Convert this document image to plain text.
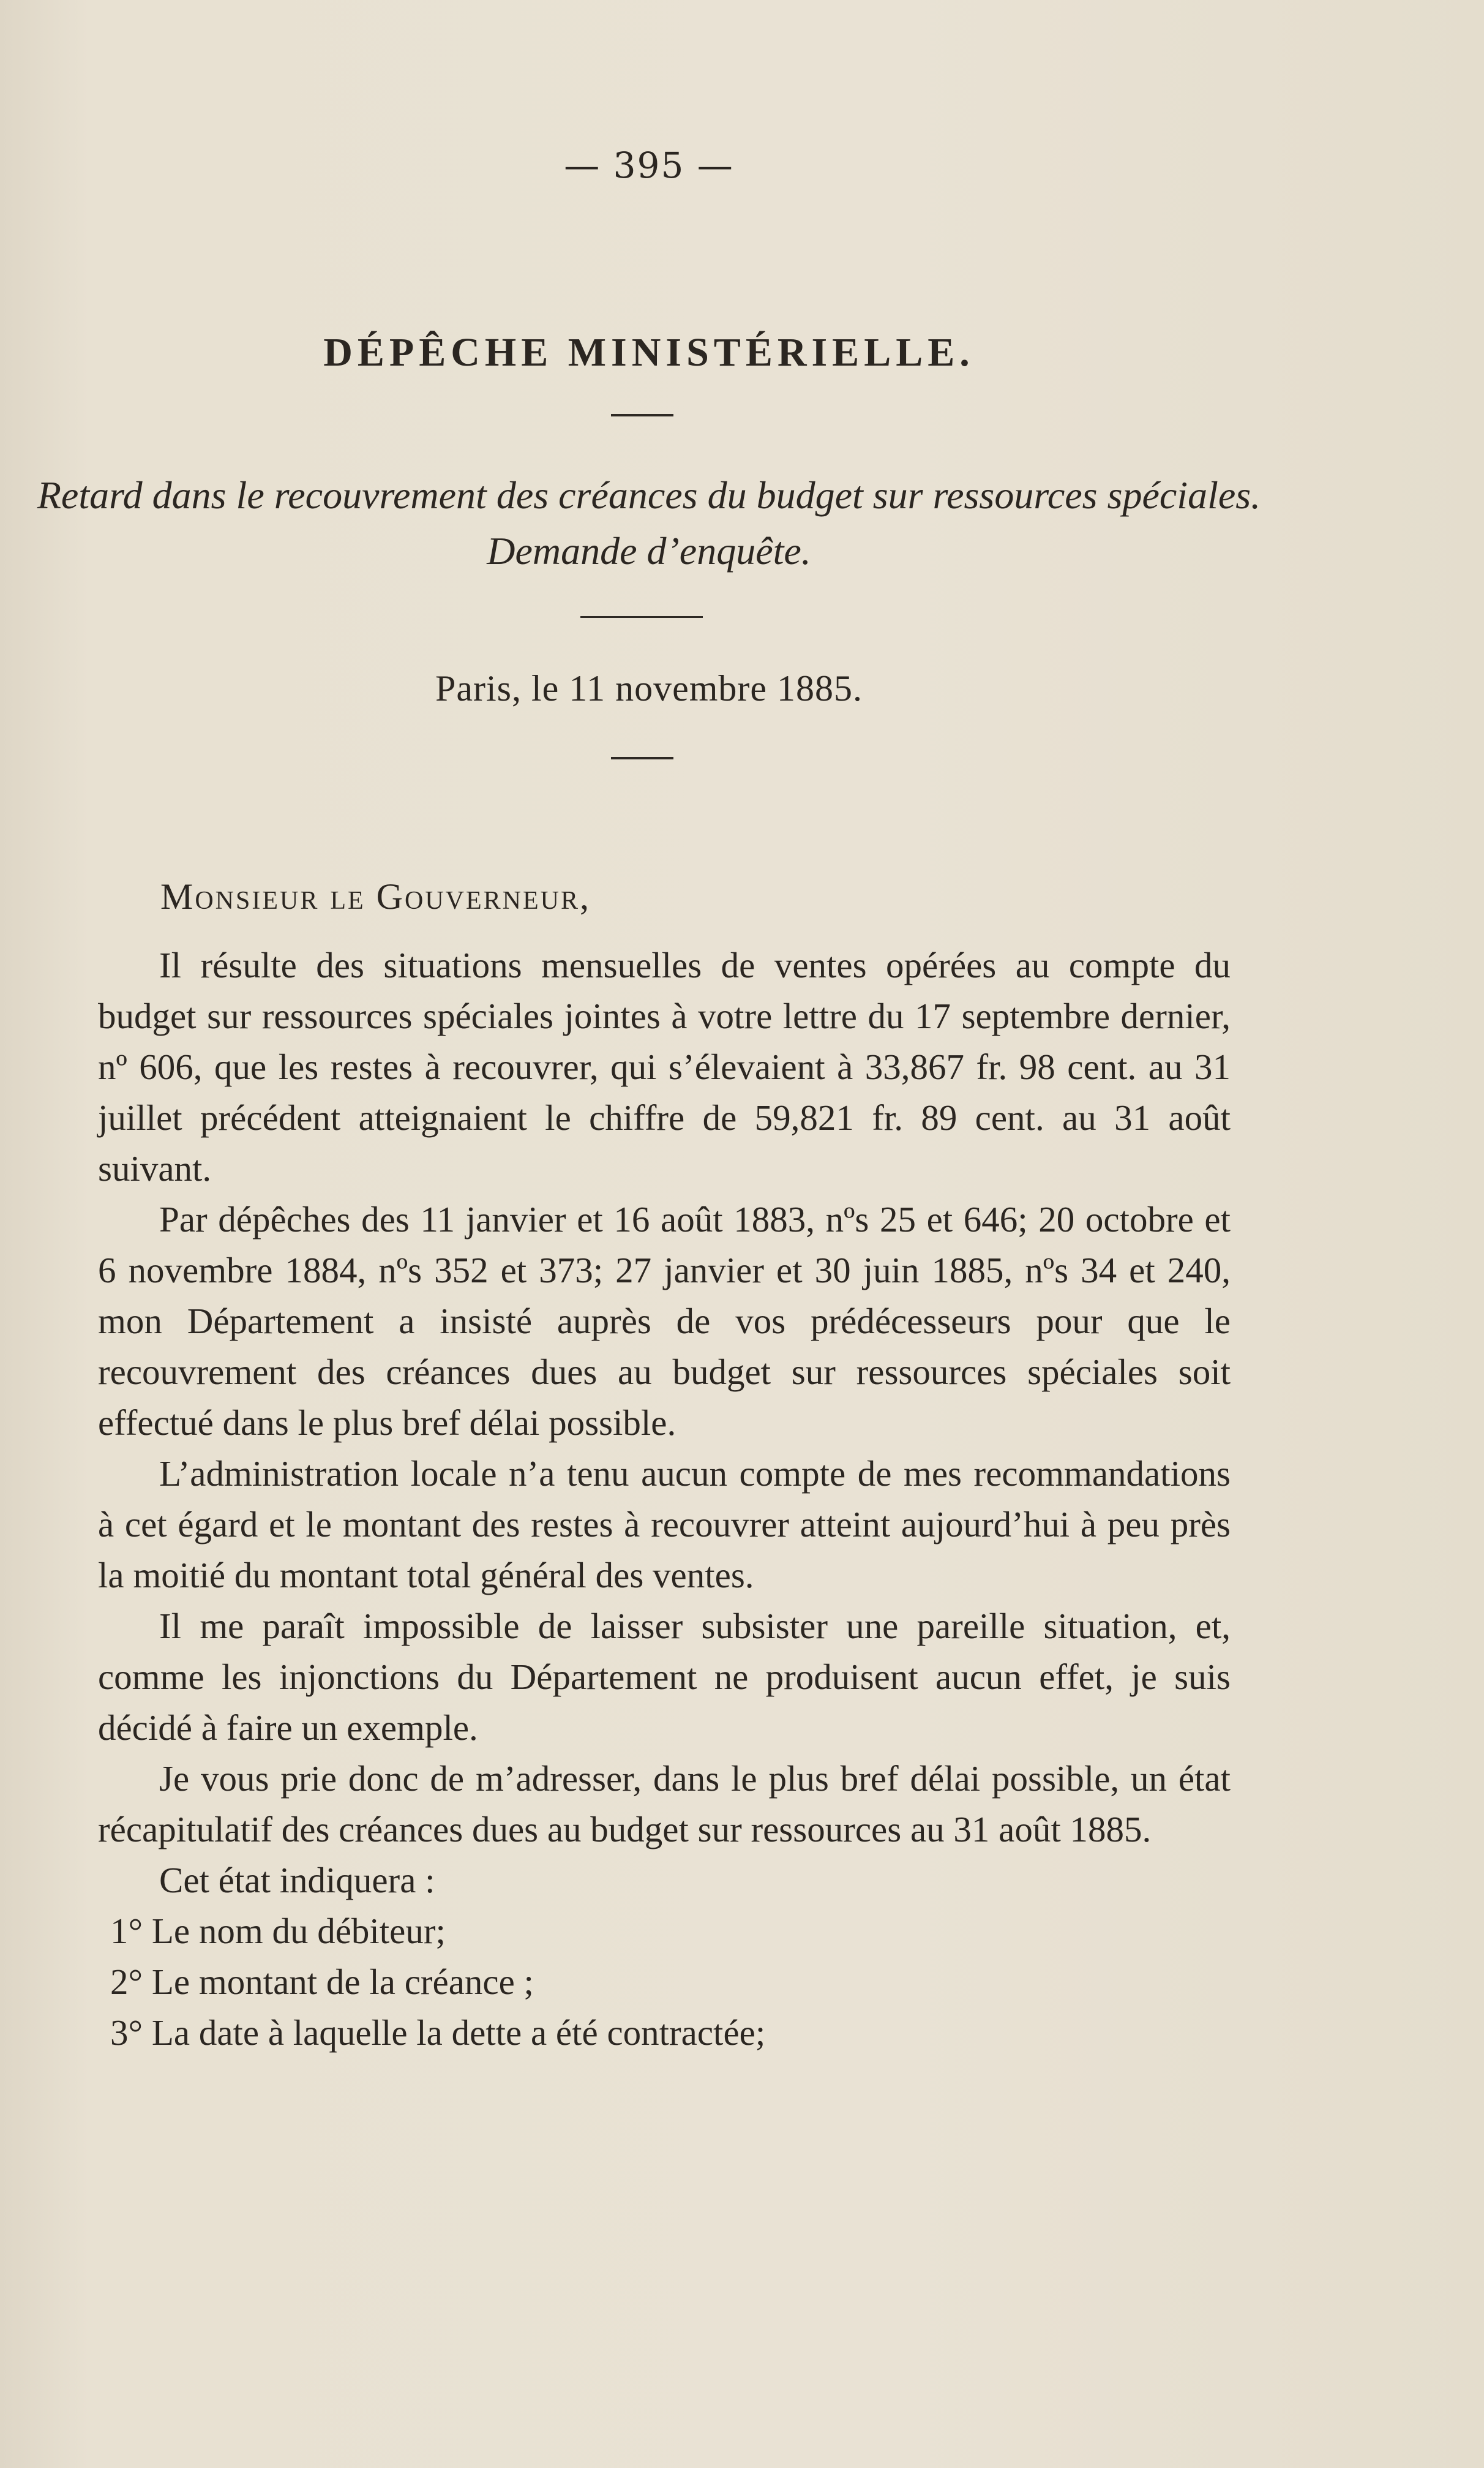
— 395 —
DÉPÊCHE MINISTÉRIELLE.
Retard dans le recouvrement des créances du budget sur ressources spéciales.
Demande d’enquête.
Paris, le 11 novembre 1885.
Monsieur le Gouverneur,

Il résulte des situations mensuelles de ventes opérées au compte du budget sur ressources spéciales jointes à votre lettre du 17 septembre dernier, nº 606, que les restes à recouvrer, qui s’élevaient à 33,867 fr. 98 cent. au 31 juillet précédent atteignaient le chiffre de 59,821 fr. 89 cent. au 31 août suivant.

Par dépêches des 11 janvier et 16 août 1883, nºs 25 et 646; 20 octobre et 6 novembre 1884, nºs 352 et 373; 27 janvier et 30 juin 1885, nºs 34 et 240, mon Département a insisté auprès de vos prédécesseurs pour que le recouvrement des créances dues au budget sur ressources spéciales soit effectué dans le plus bref délai possible.

L’administration locale n’a tenu aucun compte de mes recommandations à cet égard et le montant des restes à recouvrer atteint aujourd’hui à peu près la moitié du montant total général des ventes.

Il me paraît impossible de laisser subsister une pareille situation, et, comme les injonctions du Département ne produisent aucun effet, je suis décidé à faire un exemple.

Je vous prie donc de m’adresser, dans le plus bref délai possible, un état récapitulatif des créances dues au budget sur ressources au 31 août 1885.

Cet état indiquera :

1° Le nom du débiteur;
2° Le montant de la créance ;
3° La date à laquelle la dette a été contractée;
